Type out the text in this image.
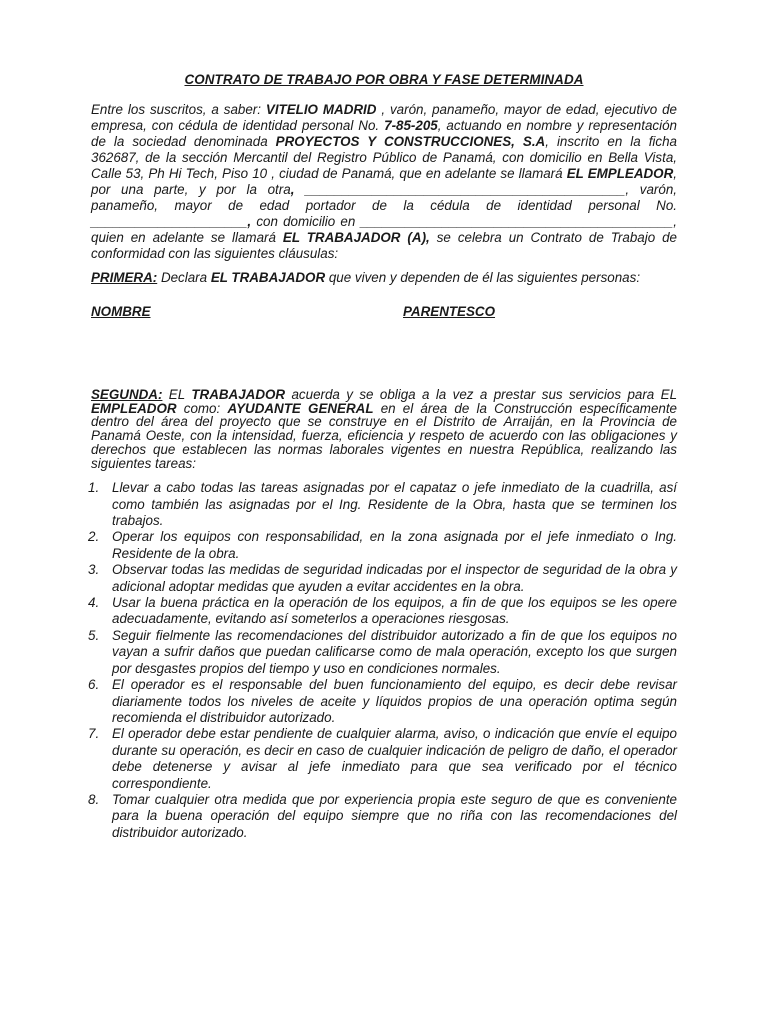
CONTRATO DE TRABAJO POR OBRA Y FASE DETERMINADA

Entre los suscritos, a saber: VITELIO MADRID , varón, panameño, mayor de edad, ejecutivo de empresa, con cédula de identidad personal No. 7-85-205, actuando en nombre y representación de la sociedad denominada PROYECTOS Y CONSTRUCCIONES, S.A, inscrito en la ficha 362687, de la sección Mercantil del Registro Público de Panamá, con domicilio en Bella Vista, Calle 53, Ph Hi Tech, Piso 10 , ciudad de Panamá, que en adelante se llamará EL EMPLEADOR, por una parte, y por la otra, ___________________________________________, varón, panameño, mayor de edad portador de la cédula de identidad personal No. _____________________, con domicilio en __________________________________________, quien en adelante se llamará EL TRABAJADOR (A), se celebra un Contrato de Trabajo de conformidad con las siguientes cláusulas:

PRIMERA: Declara EL TRABAJADOR que viven y dependen de él las siguientes personas:

NOMBRE	PARENTESCO

SEGUNDA: EL TRABAJADOR acuerda y se obliga a la vez a prestar sus servicios para EL EMPLEADOR como: AYUDANTE GENERAL en el área de la Construcción específicamente dentro del área del proyecto que se construye en el Distrito de Arraiján, en la Provincia de Panamá Oeste, con la intensidad, fuerza, eficiencia y respeto de acuerdo con las obligaciones y derechos que establecen las normas laborales vigentes en nuestra República, realizando las siguientes tareas:

1. Llevar a cabo todas las tareas asignadas por el capataz o jefe inmediato de la cuadrilla, así como también las asignadas por el Ing. Residente de la Obra, hasta que se terminen los trabajos.
2. Operar los equipos con responsabilidad, en la zona asignada por el jefe inmediato o Ing. Residente de la obra.
3. Observar todas las medidas de seguridad indicadas por el inspector de seguridad de la obra y adicional adoptar medidas que ayuden a evitar accidentes en la obra.
4. Usar la buena práctica en la operación de los equipos, a fin de que los equipos se les opere adecuadamente, evitando así someterlos a operaciones riesgosas.
5. Seguir fielmente las recomendaciones del distribuidor autorizado a fin de que los equipos no vayan a sufrir daños que puedan calificarse como de mala operación, excepto los que surgen por desgastes propios del tiempo y uso en condiciones normales.
6. El operador es el responsable del buen funcionamiento del equipo, es decir debe revisar diariamente todos los niveles de aceite y líquidos propios de una operación optima según recomienda el distribuidor autorizado.
7. El operador debe estar pendiente de cualquier alarma, aviso, o indicación que envíe el equipo durante su operación, es decir en caso de cualquier indicación de peligro de daño, el operador debe detenerse y avisar al jefe inmediato para que sea verificado por el técnico correspondiente.
8. Tomar cualquier otra medida que por experiencia propia este seguro de que es conveniente para la buena operación del equipo siempre que no riña con las recomendaciones del distribuidor autorizado.
